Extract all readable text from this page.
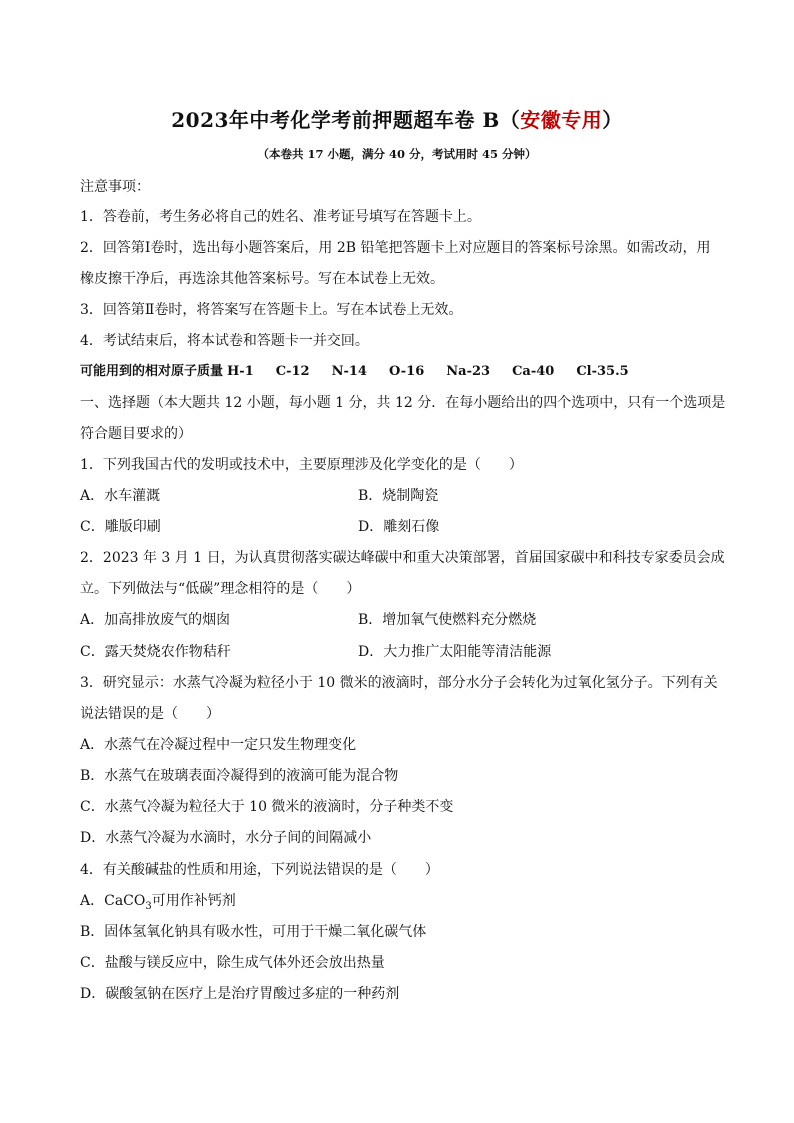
2023年中考化学考前押题超车卷 B（安徽专用）
（本卷共 17 小题，满分 40 分，考试用时 45 分钟）
注意事项：
1．答卷前，考生务必将自己的姓名、准考证号填写在答题卡上。
2．回答第Ⅰ卷时，选出每小题答案后，用 2B 铅笔把答题卡上对应题目的答案标号涂黑。如需改动，用
橡皮擦干净后，再选涂其他答案标号。写在本试卷上无效。
3．回答第Ⅱ卷时，将答案写在答题卡上。写在本试卷上无效。
4．考试结束后，将本试卷和答题卡一并交回。
可能用到的相对原子质量 H-1 C-12 N-14 O-16 Na-23 Ca-40 Cl-35.5
一、选择题（本大题共 12 小题，每小题 1 分，共 12 分．在每小题给出的四个选项中，只有一个选项是
符合题目要求的）
1．下列我国古代的发明或技术中，主要原理涉及化学变化的是（　　）
A．水车灌溉	B．烧制陶瓷
C．雕版印刷	D．雕刻石像
2．2023 年 3 月 1 日，为认真贯彻落实碳达峰碳中和重大决策部署，首届国家碳中和科技专家委员会成
立。下列做法与“低碳”理念相符的是（　　）
A．加高排放废气的烟囱	B．增加氧气使燃料充分燃烧
C．露天焚烧农作物秸秆	D．大力推广太阳能等清洁能源
3．研究显示：水蒸气冷凝为粒径小于 10 微米的液滴时，部分水分子会转化为过氧化氢分子。下列有关
说法错误的是（　　）
A．水蒸气在冷凝过程中一定只发生物理变化
B．水蒸气在玻璃表面冷凝得到的液滴可能为混合物
C．水蒸气冷凝为粒径大于 10 微米的液滴时，分子种类不变
D．水蒸气冷凝为水滴时，水分子间的间隔减小
4．有关酸碱盐的性质和用途，下列说法错误的是（　　）
A．CaCO$_3$可用作补钙剂
B．固体氢氧化钠具有吸水性，可用于干燥二氧化碳气体
C．盐酸与镁反应中，除生成气体外还会放出热量
D．碳酸氢钠在医疗上是治疗胃酸过多症的一种药剂
